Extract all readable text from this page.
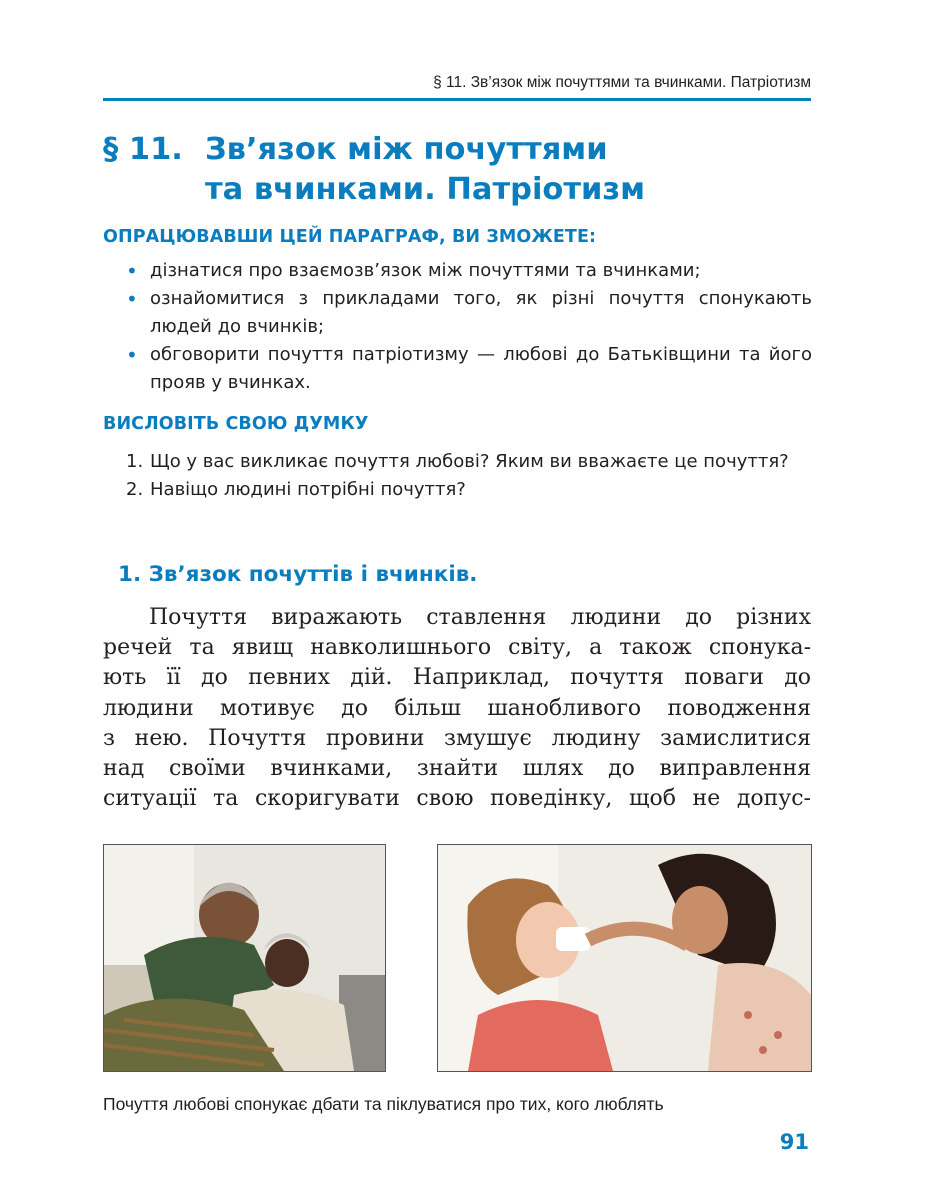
§ 11. Зв’язок між почуттями та вчинками. Патріотизм
§ 11. Зв’язок між почуттями
та вчинками. Патріотизм
ОПРАЦЮВАВШИ ЦЕЙ ПАРАГРАФ, ВИ ЗМОЖЕТЕ:
• дізнатися про взаємозв’язок між почуттями та вчинками;
• ознайомитися з прикладами того, як різні почуття спонукають людей до вчинків;
• обговорити почуття патріотизму — любові до Батьківщини та його прояв у вчинках.
ВИСЛОВІТЬ СВОЮ ДУМКУ
1. Що у вас викликає почуття любові? Яким ви вважаєте це почуття?
2. Навіщо людині потрібні почуття?
1. Зв’язок почуттів і вчинків.
Почуття виражають ставлення людини до різних
речей та явищ навколишнього світу, а також спонука-
ють її до певних дій. Наприклад, почуття поваги до
людини мотивує до більш шанобливого поводження
з нею. Почуття провини змушує людину замислитися
над своїми вчинками, знайти шлях до виправлення
ситуації та скоригувати свою поведінку, щоб не допус-
Почуття любові спонукає дбати та піклуватися про тих, кого люблять
91
